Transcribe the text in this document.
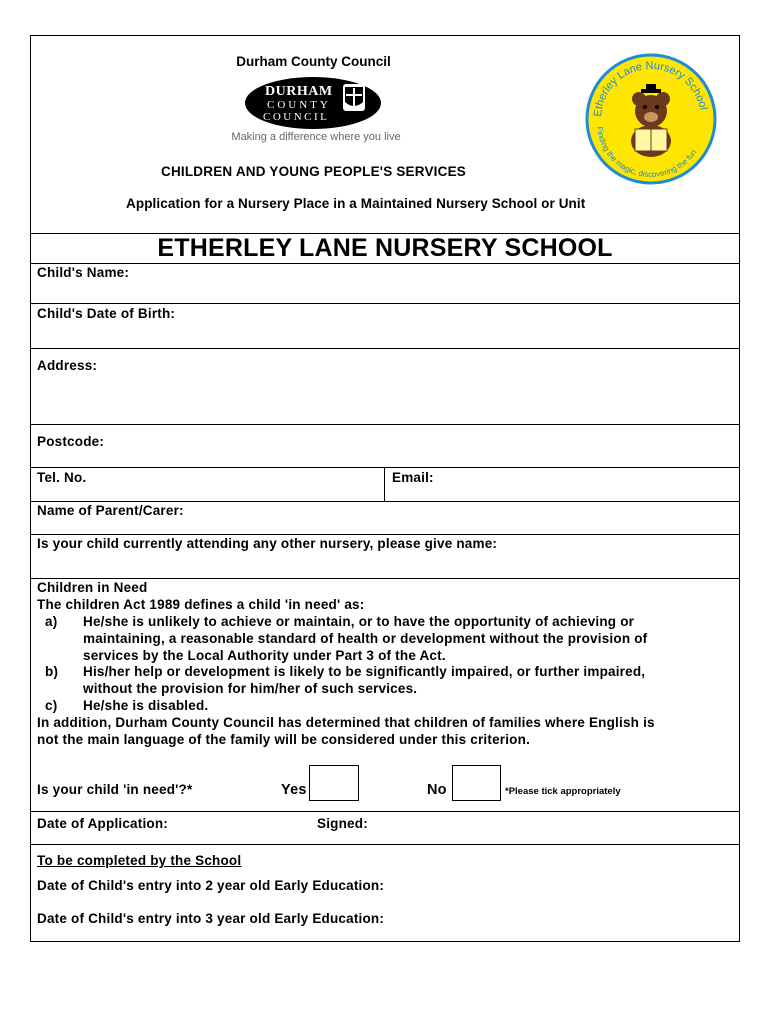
Durham County Council
DURHAM
COUNTY
COUNCIL
Making a difference where you live
Etherley Lane Nursery School
Finding the magic, discovering the fun
CHILDREN AND YOUNG PEOPLE'S SERVICES
Application for a Nursery Place in a Maintained Nursery School or Unit
ETHERLEY LANE NURSERY SCHOOL
Child's Name:
Child's Date of Birth:
Address:
Postcode:
Tel. No.	Email:
Name of Parent/Carer:
Is your child currently attending any other nursery, please give name:
Children in Need
The children Act 1989 defines a child 'in need' as:
a) He/she is unlikely to achieve or maintain, or to have the opportunity of achieving or
maintaining, a reasonable standard of health or development without the provision of
services by the Local Authority under Part 3 of the Act.
b) His/her help or development is likely to be significantly impaired, or further impaired,
without the provision for him/her of such services.
c) He/she is disabled.
In addition, Durham County Council has determined that children of families where English is
not the main language of the family will be considered under this criterion.
Is your child 'in need'?*	Yes	No	*Please tick appropriately
Date of Application:	Signed:
To be completed by the School
Date of Child's entry into 2 year old Early Education:
Date of Child's entry into 3 year old Early Education:
